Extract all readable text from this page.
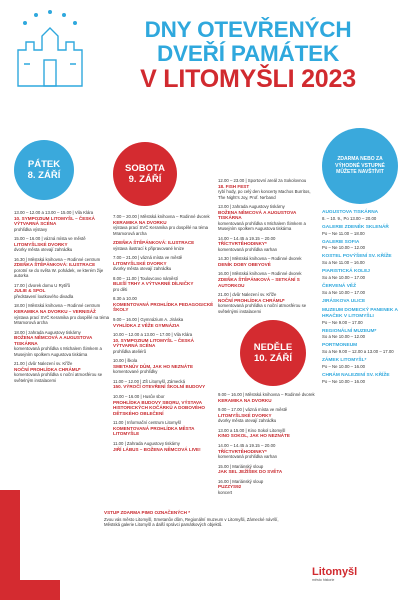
DNY OTEVŘENÝCH
DVEŘÍ PAMÁTEK
V LITOMYŠLI 2023
PÁTEK
8. ZÁŘÍ
SOBOTA
9. ZÁŘÍ
NEDĚLE
10. ZÁŘÍ
ZDARMA NEBO ZA VÝHODNÉ VSTUPNÉ MŮŽETE NAVŠTÍVIT
13.00 – 12.00 a 13.00 – 15.00 | Vila Klára
10. SYMPOZIUM LITOMYŠL – ČESKÁ VÝTVARNÁ SCÉNA
prohlídka výstavy
15.00 – 16.00 | vázná místa ve městě
LITOMYŠLSKÉ DVORKY
dvorky města otevají zahrádku
16.30 | Městská knihovna – Rodinné centrum
ZDEŇKA ŠTĚPÁNKOVÁ: ILUSTRACE
porotní se do světa W. pohádek, ve kterém žije autorka
17.00 | dvorek domu U Rytířů
JULIE & SPOL
představení loutkového divadla
18.00 | Městská knihovna – Rodinné centrum
KERAMIKA NA DVORKU – VERNISÁŽ
výstava prací SVČ Keramika pro dospělé na téma Mramorová archa
18.00 | zahrada Augustovy tiskárny
BOŽENA NĚMCOVÁ A AUGUSTOVA TISKÁRNA
komentovaná prohlídka s Michalem Šimkem a Musejním spolkem Augustova tiskárna
21.00 | dvůr Nalezení sv. Kříže
NOČNÍ PROHLÍDKA CHRÁMU*
komentovaná prohlídka s noční atmosférou se světelným instalacemi
7.00 – 20.00 | Městská knihovna – Rodinné dvorek
KERAMIKA NA DVORKU
výstava prací SVČ Keramika pro dospělé na téma Mramorová archa
ZDEŇKA ŠTĚPÁNKOVÁ: ILUSTRACE
výstava ilustrací k připravované knize
7.00 – 21.00 | vázná místa ve městě
LITOMYŠLSKÉ DVORKY
dvorky města otevají zahrádku
8.00 – 11.00 | Toulovcovo náměstí
BLEŠÍ TRHY A VÝTVARNÉ DÍLNIČKY
pro děti
8.30 a 10.00
KOMENTOVANÁ PROHLÍDKA PEDAGOGICKÉ ŠKOLY
9.00 – 16.00 | Gymnázium A. Jiráska
VYHLÍDKA Z VĚŽE GYMNÁZIA
10.00 – 12.00 a 13.00 – 17.00 | Vila Klára
10. SYMPOZIUM LITOMYŠL – ČESKÁ VÝTVARNÁ SCÉNA
prohlídka ateliérů
10.00 | škola
SMETANŮV DŮM, JAK HO NEZNÁTE
komentované prohlídky
11.00 – 12.00 | ZŠ Litomyšl, Zámecká
150. VÝROČÍ OTEVŘENÍ ŠKOLNÍ BUDOVY
10.00 – 16.00 | Husův sbor
PROHLÍDKA BUDOVY SBORU, VÝSTAVA HISTORICKÝCH KOČÁRKŮ A DOBOVÉHO DĚTSKÉHO OBLEČENÍ
11.00 | Informační centrum Litomyšl
KOMENTOVANÁ PROHLÍDKA MĚSTA LITOMYŠLE
11.00 | Zahrada Augustovy tiskárny
JIŘÍ LÁBUS – BOŽENA NĚMCOVÁ LIVE!
12.00 – 23.00 | Sportovní areál za Sokolovnou
18. FISH FEST
rybí hody, po celý den koncerty Machos Burritos, The Night's Joy, Prof. Ne'band
13.00 | zahrada Augustovy tiskárny
BOŽENA NĚMCOVÁ A AUGUSTOVA TISKÁRNA
komentovaná prohlídka s Michalem Šimkem a Musejním spolkem Augustova tiskárna
14.00 – 14.45 a 19.15 – 20.00
TŘÍCTVRTĚHODINKY*
komentovaná prohlídka varhan
14.30 | Městská knihovna – Rodinné dvorek
DENÍK DOBY OBEYOVÉ
16.00 | Městská knihovna – Rodinné dvorek
ZDEŇKA ŠTĚPÁNKOVÁ – SETKÁNÍ S AUTORKOU
21.00 | dvůr Nalezení sv. Kříže
NOČNÍ PROHLÍDKA CHRÁMU*
komentovaná prohlídka s noční atmosférou se světelnými instalacemi
9.00 – 16.00 | Městská knihovna – Rodinné dvorek
KERAMIKA NA DVORKU
9.00 – 17.00 | vázná místa ve městě
LITOMYŠLSKÉ DVORKY
dvorky města otevají zahrádku
13.00 a 15.00 | Kino Sokol Litomyšl
KINO SOKOL, JAK HO NEZNÁTE
14.00 – 14.45 a 19.15 – 20.00
TŘÍCTVRTĚHODINKY*
komentovaná prohlídka varhan
15.00 | Mariánský sloup
JAK SEL JEŽÍŠEK DO SVĚTA
16.00 | Mariánský sloup
PUZZYS92
koncert
AUGUSTOVA TISKÁRNA
8. – 10. 9., Po 13.00 – 20.00
GALERIE ZDENĚK SKLENÁŘ
Po – Ne 11.00 – 18.00
GALERIE SOFIA
Po – Ne 10.00 – 12.00
KOSTEL POVÝŠENÍ SV. KŘÍŽE
So a Ne 11.00 – 16.00
PIARISTICKÁ KOLEJ
So a Ne 10.00 – 17.00
ČERVENÁ VĚŽ
So a Ne 10.00 – 17.00
JIRÁSKOVA ULICE
MUZEUM DOMECKÝ PANENEK A HRAČEK V LITOMYŠLI
Po – Ne 9.00 – 17.00
REGIONÁLNÍ MUZEUM*
So a Ne 10.00 – 12.00
PORTMONEUM
So a Ne 9.00 – 12.00 a 13.00 – 17.00
ZÁMEK LITOMYŠL*
Po – Ne 10.00 – 16.00
CHRÁM NALEZENÍ SV. KŘÍŽE
Po – Ne 10.00 – 16.00
VSTUP ZDARMA PIMO OZNAČENÝCH *
Zvou vás město Litomyšl, Smetanův dům, Regionální muzeum v Litomyšli, Zámecké návrší, Městská galerie Litomyšl a další správci památkových objektů.
Litomyšl
město historie
